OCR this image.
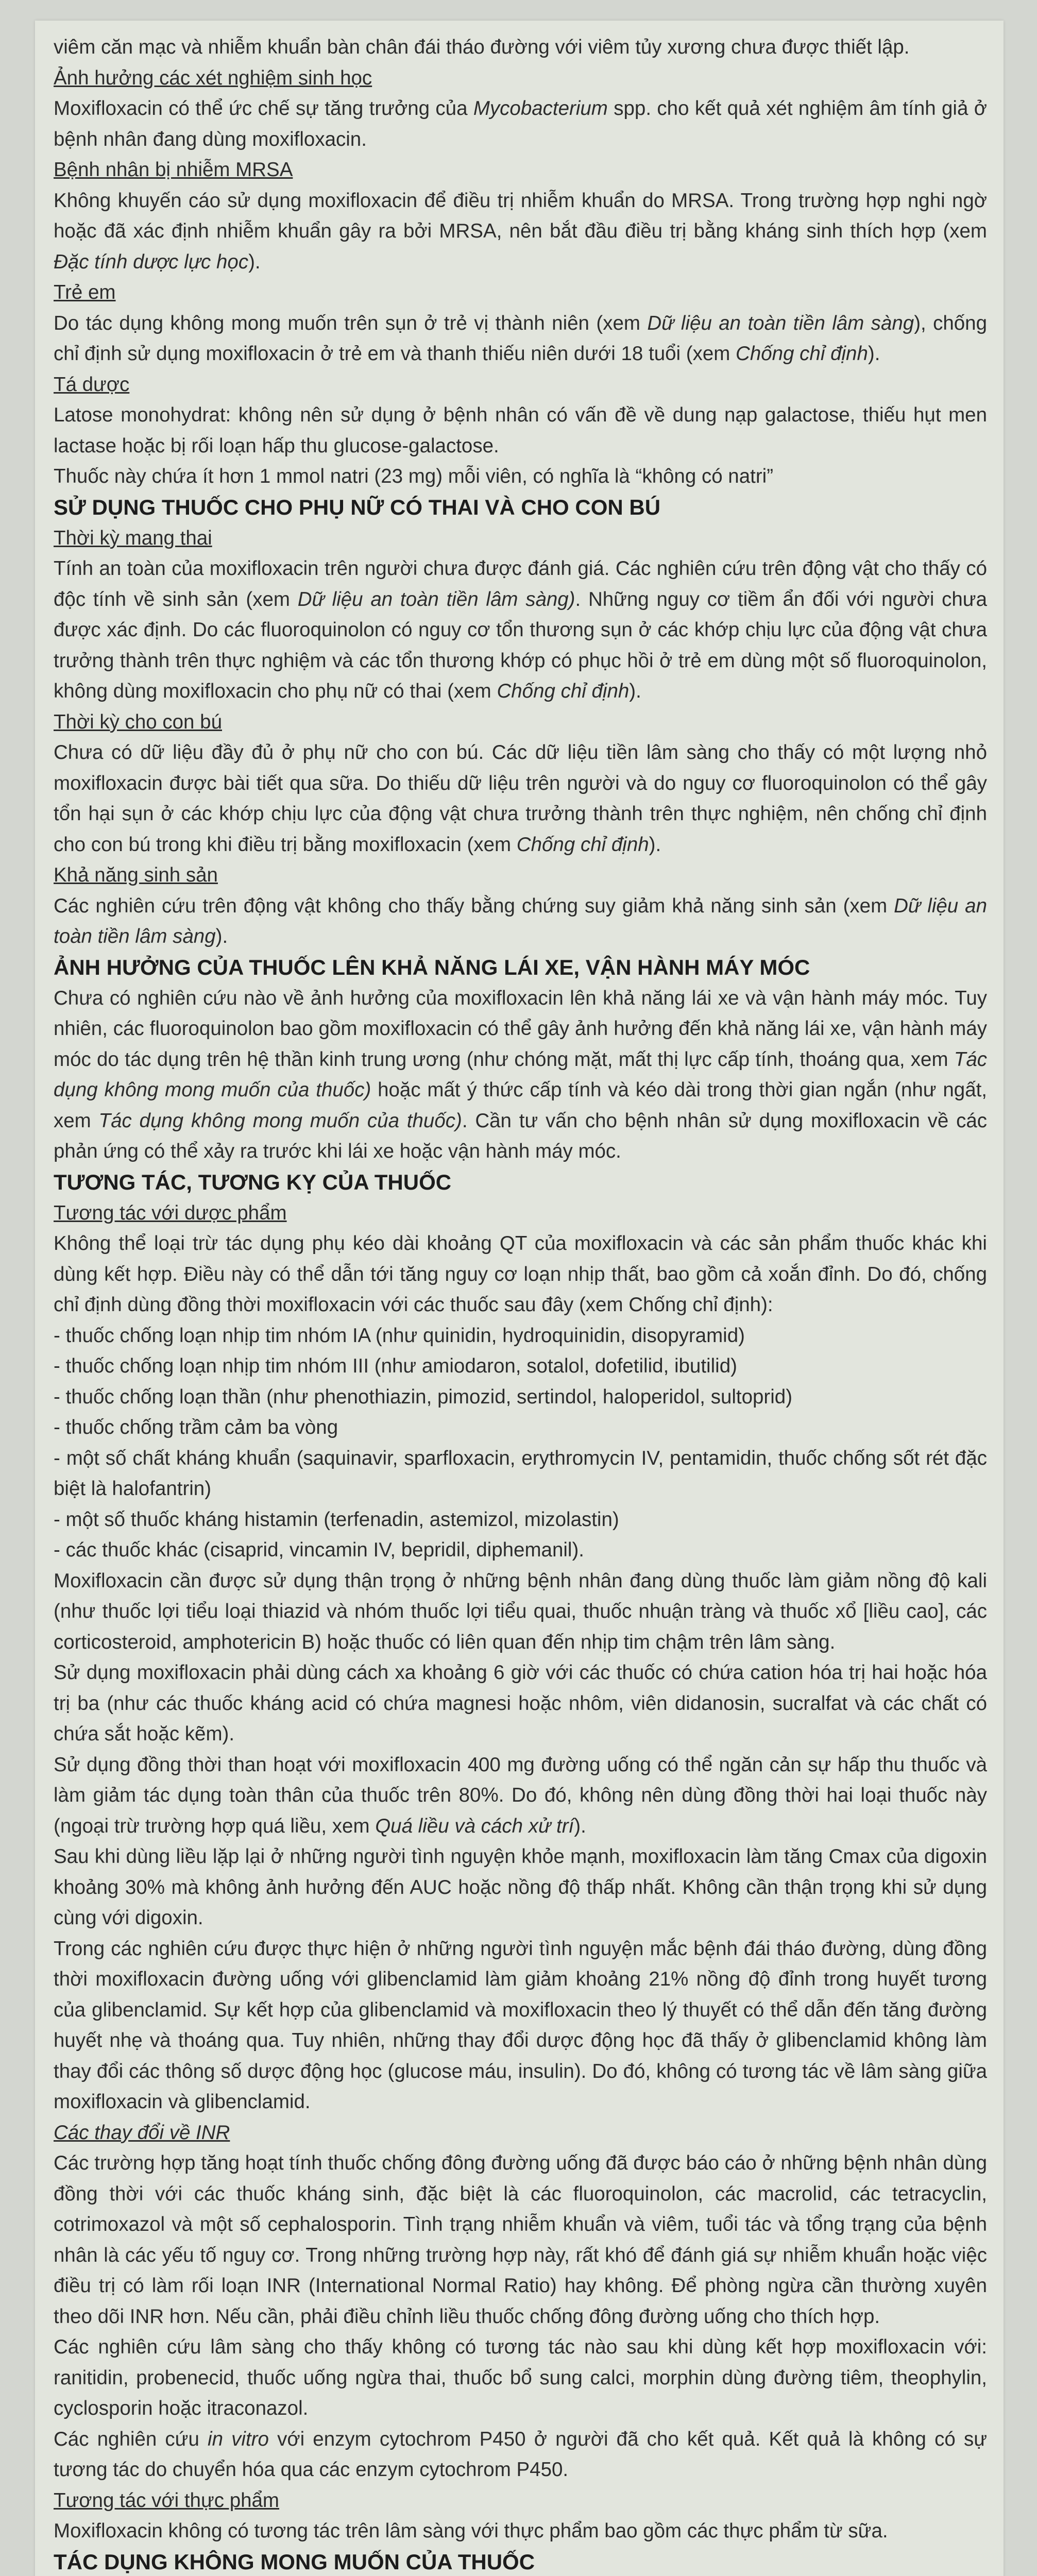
viêm căn mạc và nhiễm khuẩn bàn chân đái tháo đường với viêm tủy xương chưa được thiết lập.

Ảnh hưởng các xét nghiệm sinh học

Moxifloxacin có thể ức chế sự tăng trưởng của Mycobacterium spp. cho kết quả xét nghiệm âm tính giả ở bệnh nhân đang dùng moxifloxacin.

Bệnh nhân bị nhiễm MRSA

Không khuyến cáo sử dụng moxifloxacin để điều trị nhiễm khuẩn do MRSA. Trong trường hợp nghi ngờ hoặc đã xác định nhiễm khuẩn gây ra bởi MRSA, nên bắt đầu điều trị bằng kháng sinh thích hợp (xem Đặc tính dược lực học).

Trẻ em

Do tác dụng không mong muốn trên sụn ở trẻ vị thành niên (xem Dữ liệu an toàn tiền lâm sàng), chống chỉ định sử dụng moxifloxacin ở trẻ em và thanh thiếu niên dưới 18 tuổi (xem Chống chỉ định).

Tá dược

Latose monohydrat: không nên sử dụng ở bệnh nhân có vấn đề về dung nạp galactose, thiếu hụt men lactase hoặc bị rối loạn hấp thu glucose-galactose.

Thuốc này chứa ít hơn 1 mmol natri (23 mg) mỗi viên, có nghĩa là “không có natri”

SỬ DỤNG THUỐC CHO PHỤ NỮ CÓ THAI VÀ CHO CON BÚ

Thời kỳ mang thai

Tính an toàn của moxifloxacin trên người chưa được đánh giá. Các nghiên cứu trên động vật cho thấy có độc tính về sinh sản (xem Dữ liệu an toàn tiền lâm sàng). Những nguy cơ tiềm ẩn đối với người chưa được xác định. Do các fluoroquinolon có nguy cơ tổn thương sụn ở các khớp chịu lực của động vật chưa trưởng thành trên thực nghiệm và các tổn thương khớp có phục hồi ở trẻ em dùng một số fluoroquinolon, không dùng moxifloxacin cho phụ nữ có thai (xem Chống chỉ định).

Thời kỳ cho con bú

Chưa có dữ liệu đầy đủ ở phụ nữ cho con bú. Các dữ liệu tiền lâm sàng cho thấy có một lượng nhỏ moxifloxacin được bài tiết qua sữa. Do thiếu dữ liệu trên người và do nguy cơ fluoroquinolon có thể gây tổn hại sụn ở các khớp chịu lực của động vật chưa trưởng thành trên thực nghiệm, nên chống chỉ định cho con bú trong khi điều trị bằng moxifloxacin (xem Chống chỉ định).

Khả năng sinh sản

Các nghiên cứu trên động vật không cho thấy bằng chứng suy giảm khả năng sinh sản (xem Dữ liệu an toàn tiền lâm sàng).

ẢNH HƯỞNG CỦA THUỐC LÊN KHẢ NĂNG LÁI XE, VẬN HÀNH MÁY MÓC

Chưa có nghiên cứu nào về ảnh hưởng của moxifloxacin lên khả năng lái xe và vận hành máy móc. Tuy nhiên, các fluoroquinolon bao gồm moxifloxacin có thể gây ảnh hưởng đến khả năng lái xe, vận hành máy móc do tác dụng trên hệ thần kinh trung ương (như chóng mặt, mất thị lực cấp tính, thoáng qua, xem Tác dụng không mong muốn của thuốc) hoặc mất ý thức cấp tính và kéo dài trong thời gian ngắn (như ngất, xem Tác dụng không mong muốn của thuốc). Cần tư vấn cho bệnh nhân sử dụng moxifloxacin về các phản ứng có thể xảy ra trước khi lái xe hoặc vận hành máy móc.

TƯƠNG TÁC, TƯƠNG KỴ CỦA THUỐC

Tương tác với dược phẩm

Không thể loại trừ tác dụng phụ kéo dài khoảng QT của moxifloxacin và các sản phẩm thuốc khác khi dùng kết hợp. Điều này có thể dẫn tới tăng nguy cơ loạn nhịp thất, bao gồm cả xoắn đỉnh. Do đó, chống chỉ định dùng đồng thời moxifloxacin với các thuốc sau đây (xem Chống chỉ định):

- thuốc chống loạn nhịp tim nhóm IA (như quinidin, hydroquinidin, disopyramid)

- thuốc chống loạn nhịp tim nhóm III (như amiodaron, sotalol, dofetilid, ibutilid)

- thuốc chống loạn thần (như phenothiazin, pimozid, sertindol, haloperidol, sultoprid)

- thuốc chống trầm cảm ba vòng

- một số chất kháng khuẩn (saquinavir, sparfloxacin, erythromycin IV, pentamidin, thuốc chống sốt rét đặc biệt là halofantrin)

- một số thuốc kháng histamin (terfenadin, astemizol, mizolastin)

- các thuốc khác (cisaprid, vincamin IV, bepridil, diphemanil).

Moxifloxacin cần được sử dụng thận trọng ở những bệnh nhân đang dùng thuốc làm giảm nồng độ kali (như thuốc lợi tiểu loại thiazid và nhóm thuốc lợi tiểu quai, thuốc nhuận tràng và thuốc xổ [liều cao], các corticosteroid, amphotericin B) hoặc thuốc có liên quan đến nhịp tim chậm trên lâm sàng.

Sử dụng moxifloxacin phải dùng cách xa khoảng 6 giờ với các thuốc có chứa cation hóa trị hai hoặc hóa trị ba (như các thuốc kháng acid có chứa magnesi hoặc nhôm, viên didanosin, sucralfat và các chất có chứa sắt hoặc kẽm).

Sử dụng đồng thời than hoạt với moxifloxacin 400 mg đường uống có thể ngăn cản sự hấp thu thuốc và làm giảm tác dụng toàn thân của thuốc trên 80%. Do đó, không nên dùng đồng thời hai loại thuốc này (ngoại trừ trường hợp quá liều, xem Quá liều và cách xử trí).

Sau khi dùng liều lặp lại ở những người tình nguyện khỏe mạnh, moxifloxacin làm tăng Cmax của digoxin khoảng 30% mà không ảnh hưởng đến AUC hoặc nồng độ thấp nhất. Không cần thận trọng khi sử dụng cùng với digoxin.

Trong các nghiên cứu được thực hiện ở những người tình nguyện mắc bệnh đái tháo đường, dùng đồng thời moxifloxacin đường uống với glibenclamid làm giảm khoảng 21% nồng độ đỉnh trong huyết tương của glibenclamid. Sự kết hợp của glibenclamid và moxifloxacin theo lý thuyết có thể dẫn đến tăng đường huyết nhẹ và thoáng qua. Tuy nhiên, những thay đổi dược động học đã thấy ở glibenclamid không làm thay đổi các thông số dược động học (glucose máu, insulin). Do đó, không có tương tác về lâm sàng giữa moxifloxacin và glibenclamid.

Các thay đổi về INR

Các trường hợp tăng hoạt tính thuốc chống đông đường uống đã được báo cáo ở những bệnh nhân dùng đồng thời với các thuốc kháng sinh, đặc biệt là các fluoroquinolon, các macrolid, các tetracyclin, cotrimoxazol và một số cephalosporin. Tình trạng nhiễm khuẩn và viêm, tuổi tác và tổng trạng của bệnh nhân là các yếu tố nguy cơ. Trong những trường hợp này, rất khó để đánh giá sự nhiễm khuẩn hoặc việc điều trị có làm rối loạn INR (International Normal Ratio) hay không. Để phòng ngừa cần thường xuyên theo dõi INR hơn. Nếu cần, phải điều chỉnh liều thuốc chống đông đường uống cho thích hợp.

Các nghiên cứu lâm sàng cho thấy không có tương tác nào sau khi dùng kết hợp moxifloxacin với: ranitidin, probenecid, thuốc uống ngừa thai, thuốc bổ sung calci, morphin dùng đường tiêm, theophylin, cyclosporin hoặc itraconazol.

Các nghiên cứu in vitro với enzym cytochrom P450 ở người đã cho kết quả. Kết quả là không có sự tương tác do chuyển hóa qua các enzym cytochrom P450.

Tương tác với thực phẩm

Moxifloxacin không có tương tác trên lâm sàng với thực phẩm bao gồm các thực phẩm từ sữa.

TÁC DỤNG KHÔNG MONG MUỐN CỦA THUỐC
